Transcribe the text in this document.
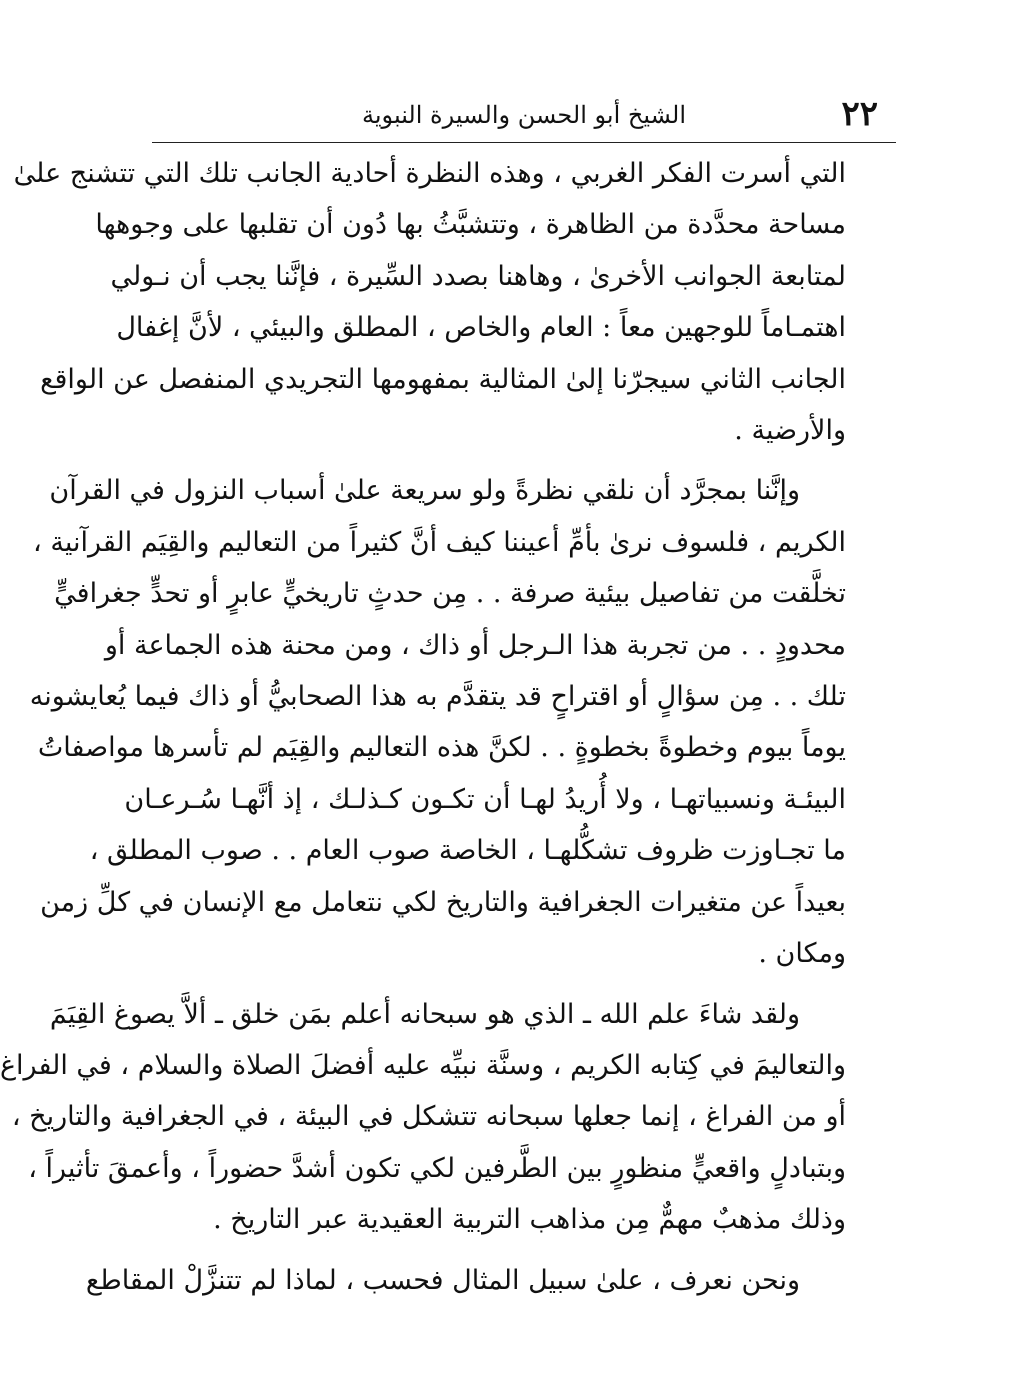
٢٢
الشيخ أبو الحسن والسيرة النبوية

التي أسرت الفكر الغربي ، وهذه النظرة أحادية الجانب تلك التي تتشنج علىٰ
مساحة محدَّدة من الظاهرة ، وتتشبَّثُ بها دُون أن تقلبها على وجوهها
لمتابعة الجوانب الأخرىٰ ، وهاهنا بصدد السِّيرة ، فإنَّنا يجب أن نـولي
اهتمـاماً للوجهين معاً : العام والخاص ، المطلق والبيئي ، لأنَّ إغفال
الجانب الثاني سيجرّنا إلىٰ المثالية بمفهومها التجريدي المنفصل عن الواقع
والأرضية .

وإنَّنا بمجرَّد أن نلقي نظرةً ولو سريعة علىٰ أسباب النزول في القرآن
الكريم ، فلسوف نرىٰ بأمِّ أعيننا كيف أنَّ كثيراً من التعاليم والقِيَم القرآنية ،
تخلَّقت من تفاصيل بيئية صرفة . . مِن حدثٍ تاريخيٍّ عابرٍ أو تحدٍّ جغرافيٍّ
محدودٍ . . من تجربة هذا الـرجل أو ذاك ، ومن محنة هذه الجماعة أو
تلك . . مِن سؤالٍ أو اقتراحٍ قد يتقدَّم به هذا الصحابيُّ أو ذاك فيما يُعايشونه
يوماً بيوم وخطوةً بخطوةٍ . . لكنَّ هذه التعاليم والقِيَم لم تأسرها مواصفاتُ
البيئـة ونسبياتهـا ، ولا أُريدُ لهـا أن تكـون كـذلـك ، إذ أنَّهـا سُـرعـان
ما تجـاوزت ظروف تشكُّلهـا ، الخاصة صوب العام . . صوب المطلق ،
بعيداً عن متغيرات الجغرافية والتاريخ لكي نتعامل مع الإنسان في كلِّ زمن
ومكان .

ولقد شاءَ علم الله ـ الذي هو سبحانه أعلم بمَن خلق ـ ألاَّ يصوغ القِيَمَ
والتعاليمَ في كِتابه الكريم ، وسنَّة نبيِّه عليه أفضلَ الصلاة والسلام ، في الفراغ
أو من الفراغ ، إنما جعلها سبحانه تتشكل في البيئة ، في الجغرافية والتاريخ ،
وبتبادلٍ واقعيٍّ منظورٍ بين الطَّرفين لكي تكون أشدَّ حضوراً ، وأعمقَ تأثيراً ،
وذلك مذهبٌ مهمٌّ مِن مذاهب التربية العقيدية عبر التاريخ .

ونحن نعرف ، علىٰ سبيل المثال فحسب ، لماذا لم تتنزَّلْ المقاطع
